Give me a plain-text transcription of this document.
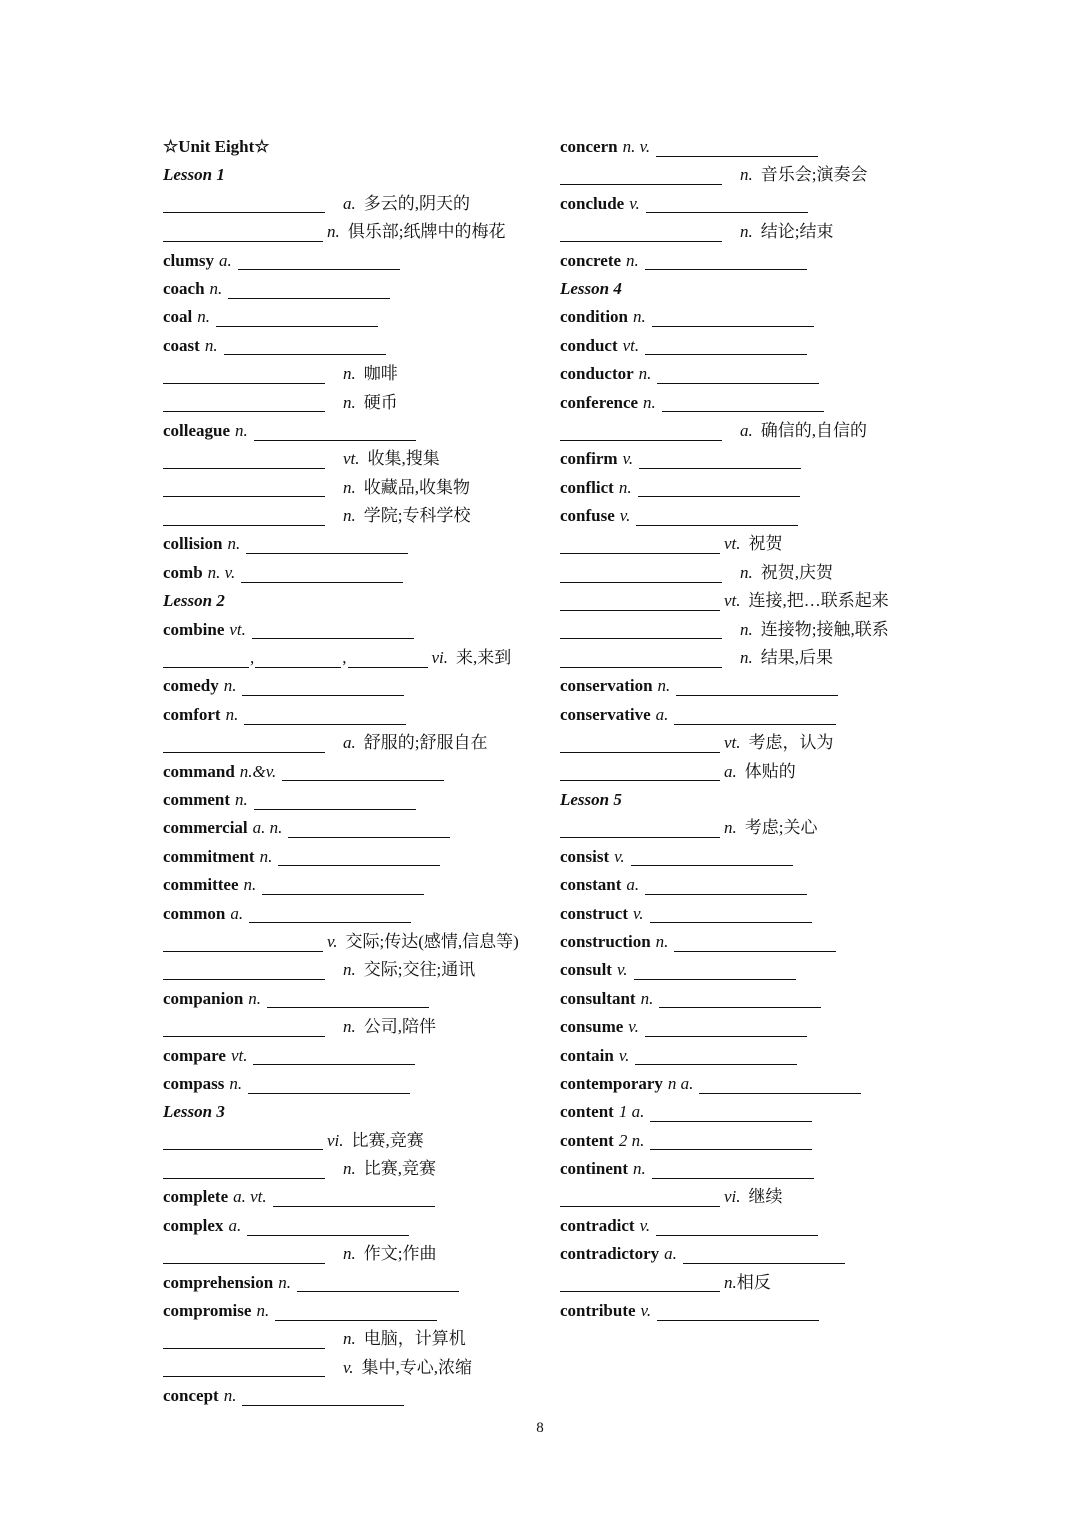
☆Unit Eight☆
Lesson 1
a. 多云的,阴天的
n. 俱乐部;纸牌中的梅花
clumsy a.
coach n.
coal n.
coast n.
n. 咖啡
n. 硬币
colleague n.
vt. 收集,搜集
n. 收藏品,收集物
n. 学院;专科学校
collision n.
comb n. v.
Lesson 2
combine vt.
,	,	vi. 来,来到
comedy n.
comfort n.
a. 舒服的;舒服自在
command n.&v.
comment n.
commercial a. n.
commitment n.
committee n.
common a.
v. 交际;传达(感情,信息等)
n. 交际;交往;通讯
companion n.
n. 公司,陪伴
compare vt.
compass n.
Lesson 3
vi. 比赛,竞赛
n. 比赛,竞赛
complete a. vt.
complex a.
n. 作文;作曲
comprehension n.
compromise n.
n. 电脑，计算机
v. 集中,专心,浓缩
concept n.
concern n. v.
n. 音乐会;演奏会
conclude v.
n. 结论;结束
concrete n.
Lesson 4
condition n.
conduct vt.
conductor n.
conference n.
a. 确信的,自信的
confirm v.
conflict n.
confuse v.
vt. 祝贺
n. 祝贺,庆贺
vt. 连接,把…联系起来
n. 连接物;接触,联系
n. 结果,后果
conservation n.
conservative a.
vt. 考虑，认为
a. 体贴的
Lesson 5
n. 考虑;关心
consist v.
constant a.
construct v.
construction n.
consult v.
consultant n.
consume v.
contain v.
contemporary n a.
content 1 a.
content 2 n.
continent n.
vi. 继续
contradict v.
contradictory a.
n. 相反
contribute v.
8
